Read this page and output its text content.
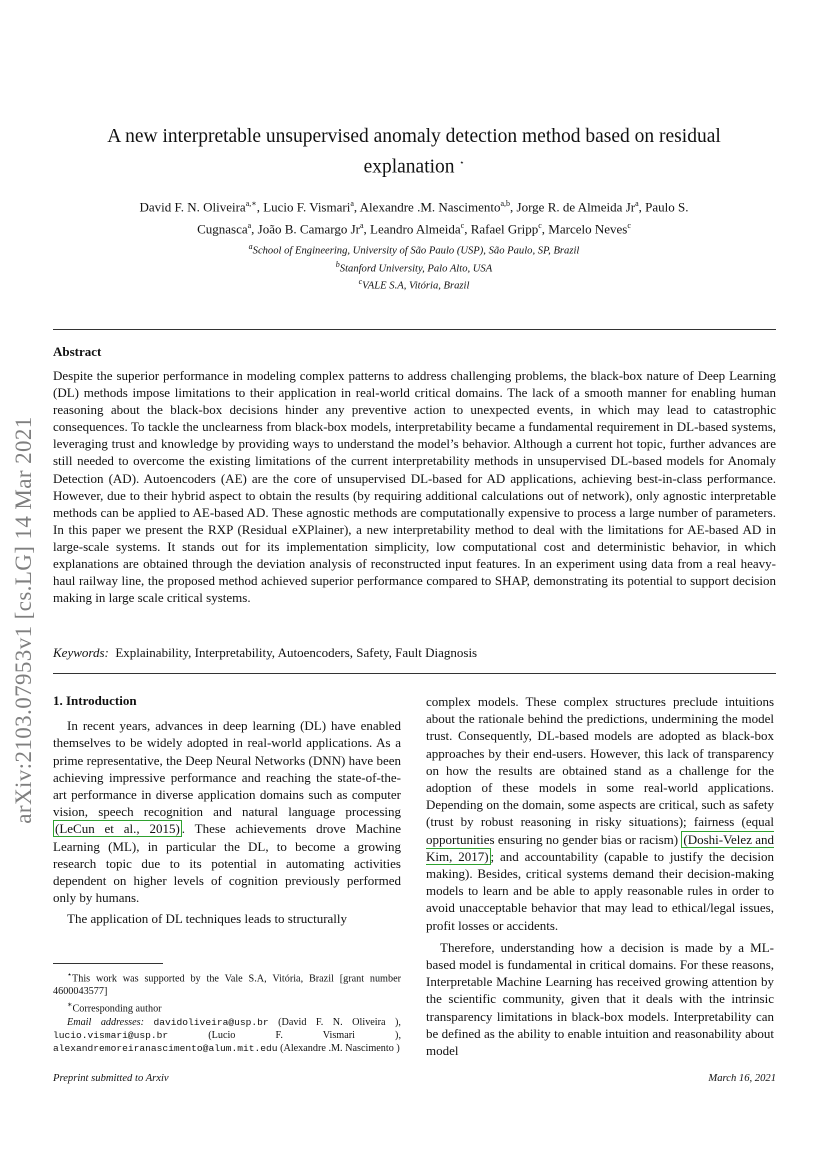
arXiv:2103.07953v1 [cs.LG] 14 Mar 2021
A new interpretable unsupervised anomaly detection method based on residual
explanation ⋆
David F. N. Oliveira$^{a,∗}$, Lucio F. Vismari$^a$, Alexandre .M. Nascimento$^{a,b}$, Jorge R. de Almeida Jr$^a$, Paulo S.
Cugnasca$^a$, João B. Camargo Jr$^a$, Leandro Almeida$^c$, Rafael Gripp$^c$, Marcelo Neves$^c$
$^a$School of Engineering, University of São Paulo (USP), São Paulo, SP, Brazil
$^b$Stanford University, Palo Alto, USA
$^c$VALE S.A, Vitória, Brazil
Abstract
Despite the superior performance in modeling complex patterns to address challenging problems, the black-box nature of Deep Learning (DL) methods impose limitations to their application in real-world critical domains. The lack of a smooth manner for enabling human reasoning about the black-box decisions hinder any preventive action to unexpected events, in which may lead to catastrophic consequences. To tackle the unclearness from black-box models, interpretability became a fundamental requirement in DL-based systems, leveraging trust and knowledge by providing ways to understand the model’s behavior. Although a current hot topic, further advances are still needed to overcome the existing limitations of the current interpretability methods in unsupervised DL-based models for Anomaly Detection (AD). Autoencoders (AE) are the core of unsupervised DL-based for AD applications, achieving best-in-class performance. However, due to their hybrid aspect to obtain the results (by requiring additional calculations out of network), only agnostic interpretable methods can be applied to AE-based AD. These agnostic methods are computationally expensive to process a large number of parameters. In this paper we present the RXP (Residual eXPlainer), a new interpretability method to deal with the limitations for AE-based AD in large-scale systems. It stands out for its implementation simplicity, low computational cost and deterministic behavior, in which explanations are obtained through the deviation analysis of reconstructed input features. In an experiment using data from a real heavy-haul railway line, the proposed method achieved superior performance compared to SHAP, demonstrating its potential to support decision making in large scale critical systems.
Keywords: Explainability, Interpretability, Autoencoders, Safety, Fault Diagnosis

1. Introduction

In recent years, advances in deep learning (DL) have enabled themselves to be widely adopted in real-world applications. As a prime representative, the Deep Neural Networks (DNN) have been achieving impressive performance and reaching the state-of-the-art performance in diverse application domains such as computer vision, speech recognition and natural language processing (LeCun et al., 2015) . These achievements drove Machine Learning (ML), in particular the DL, to become a growing research topic due to its potential in automating activities dependent on higher levels of cognition previously performed only by humans.

The application of DL techniques leads to structurally

complex models. These complex structures preclude intuitions about the rationale behind the predictions, undermining the model trust. Consequently, DL-based models are adopted as black-box approaches by their end-users. However, this lack of transparency on how the results are obtained stand as a challenge for the adoption of these models in some real-world applications. Depending on the domain, some aspects are critical, such as safety (trust by robust reasoning in risky situations); fairness (equal opportunities ensuring no gender bias or racism) (Doshi-Velez and Kim, 2017) ; and accountability (capable to justify the decision making). Besides, critical systems demand their decision-making models to learn and be able to apply reasonable rules in order to avoid unacceptable behavior that may lead to ethical/legal issues, profit losses or accidents.

Therefore, understanding how a decision is made by a ML-based model is fundamental in critical domains. For these reasons, Interpretable Machine Learning has received growing attention by the scientific community, given that it deals with the intrinsic transparency limitations in black-box models. Interpretability can be defined as the ability to enable intuition and reasonability about model

⋆This work was supported by the Vale S.A, Vitória, Brazil [grant number 4600043577]

∗Corresponding author

Email addresses: davidoliveira@usp.br (David F. N. Oliveira ), lucio.vismari@usp.br (Lucio F. Vismari ), alexandremoreiranascimento@alum.mit.edu (Alexandre .M. Nascimento )

Preprint submitted to Arxiv	March 16, 2021
